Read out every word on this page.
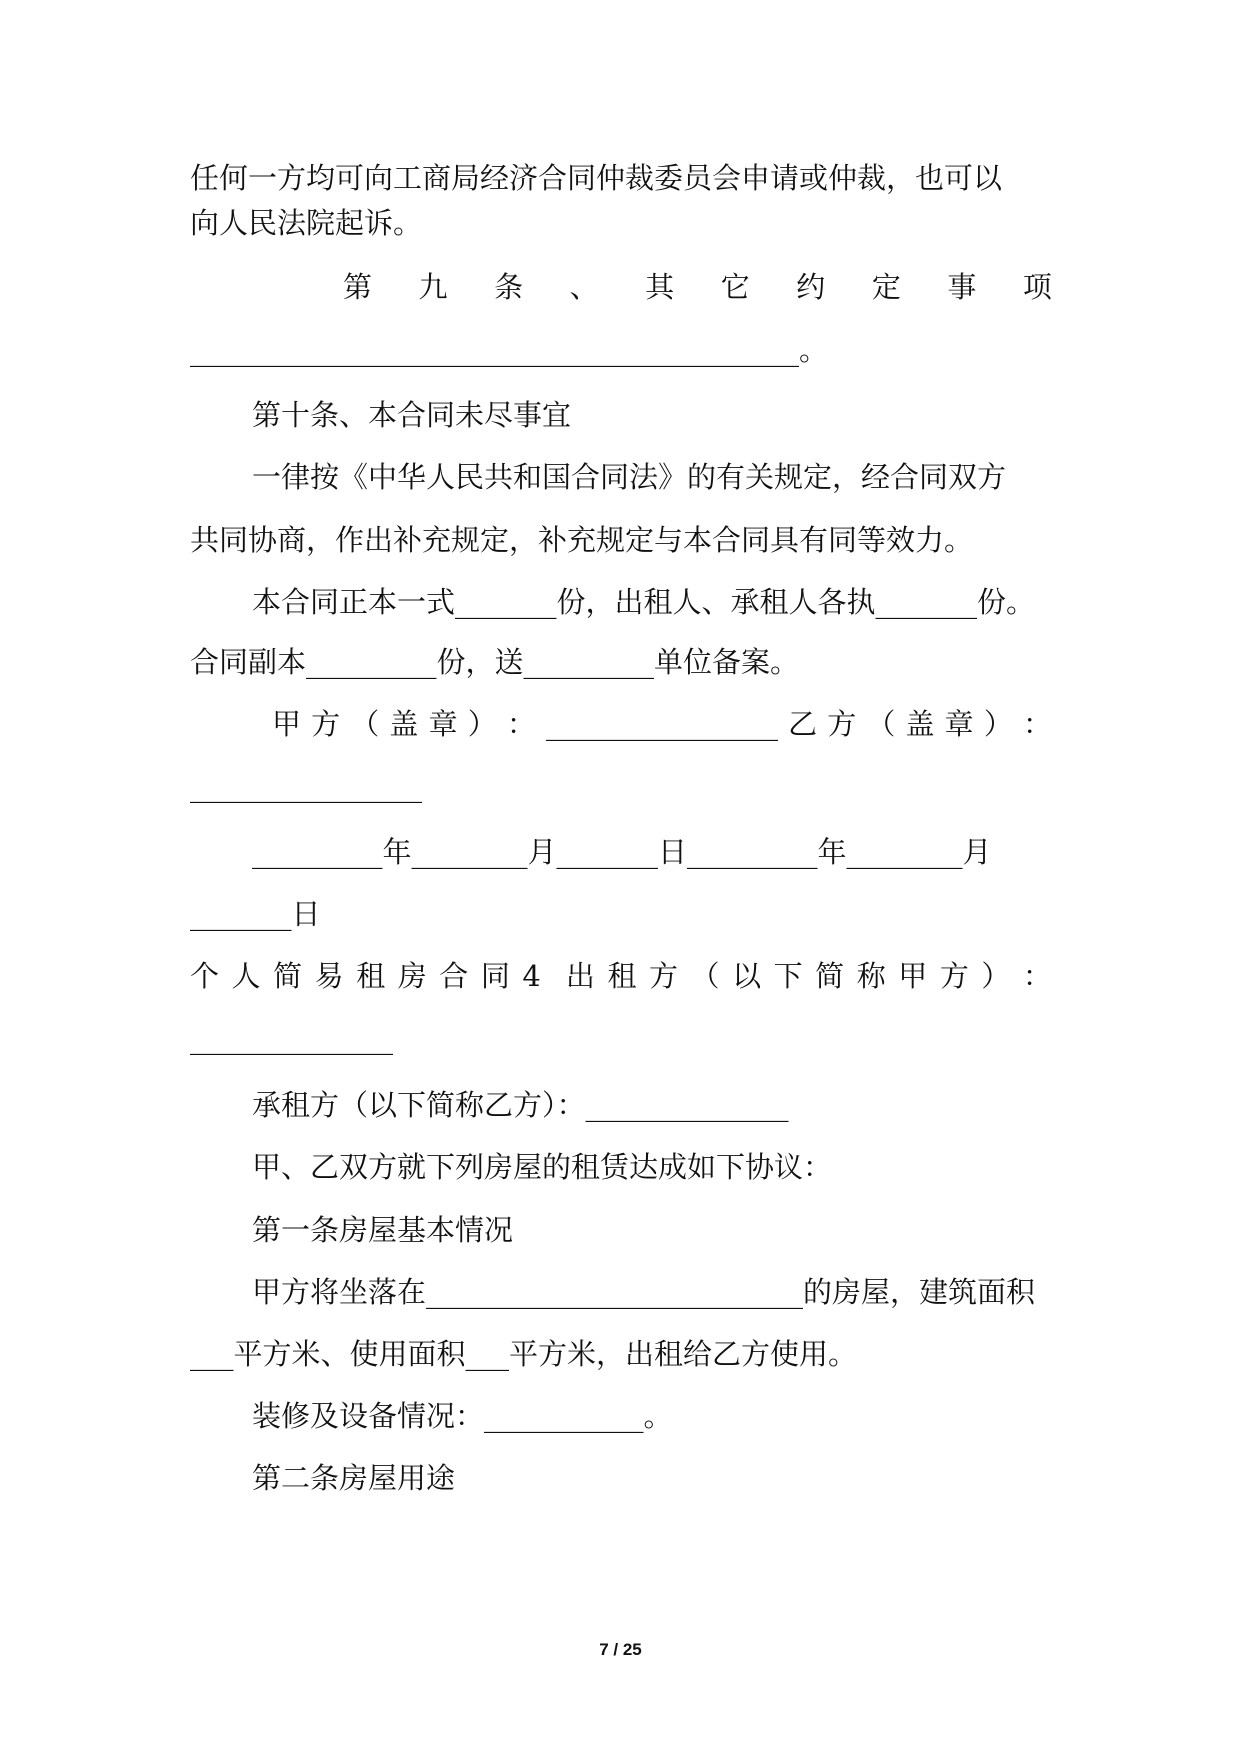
任何一方均可向工商局经济合同仲裁委员会申请或仲裁，也可以
向人民法院起诉。
第 九 条 、 其 它 约 定 事 项
__________________________________________。
第十条、本合同未尽事宜
一律按《中华人民共和国合同法》的有关规定，经合同双方
共同协商，作出补充规定，补充规定与本合同具有同等效力。
本合同正本一式_______份，出租人、承租人各执_______份。
合同副本_________份，送_________单位备案。
甲 方 （ 盖 章 ） ： ________________ 乙 方 （ 盖 章 ） ：
________________
_________年________月_______日_________年________月
_______日
个 人 简 易 租 房 合 同 4 出 租 方 （ 以 下 简 称 甲 方 ） ：
______________
承租方（以下简称乙方）：______________
甲、乙双方就下列房屋的租赁达成如下协议：
第一条房屋基本情况
甲方将坐落在__________________________的房屋，建筑面积
___平方米、使用面积___平方米，出租给乙方使用。
装修及设备情况：___________。
第二条房屋用途
7 / 25
